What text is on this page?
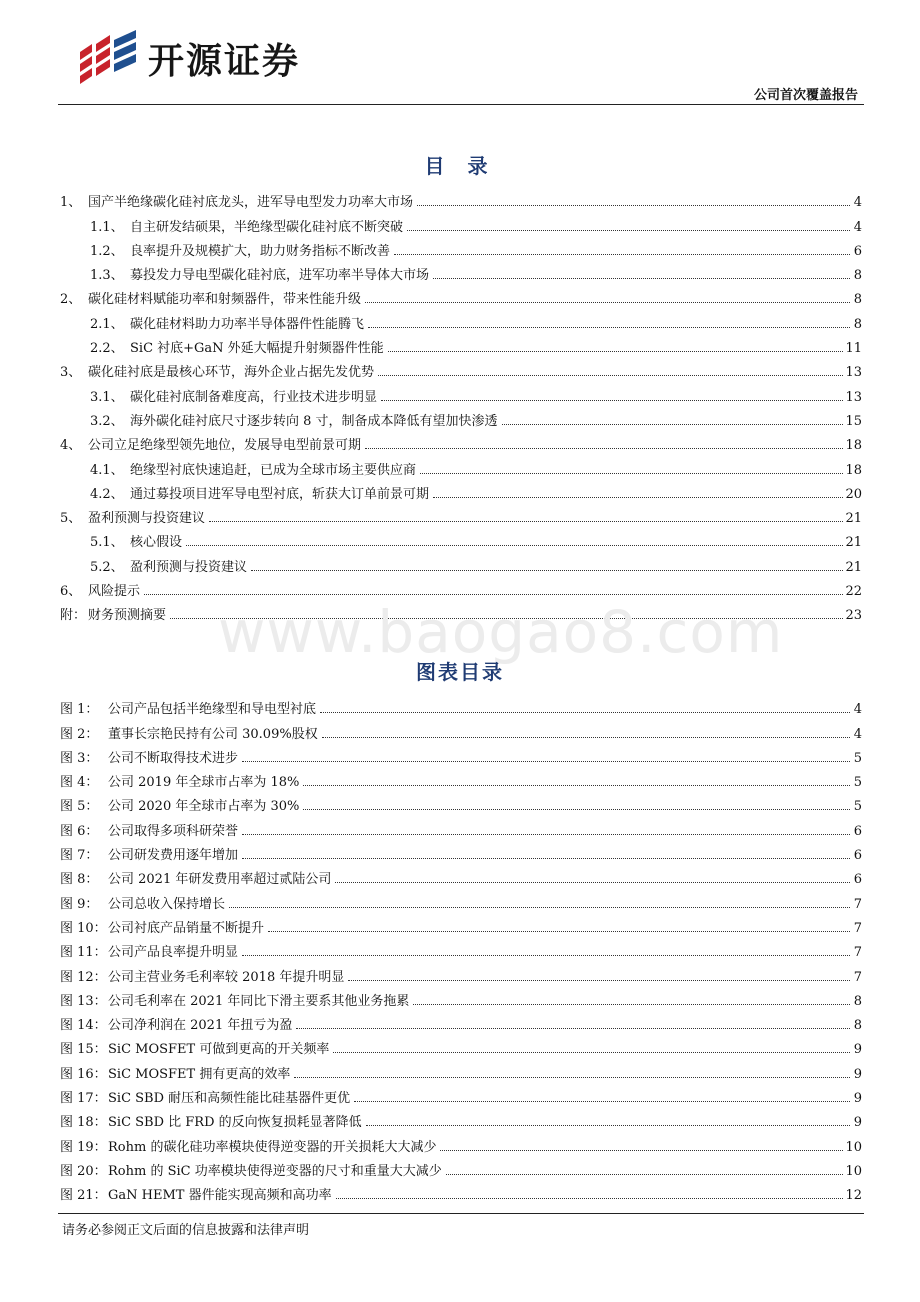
开源证券
公司首次覆盖报告
目 录
1、 国产半绝缘碳化硅衬底龙头，进军导电型发力功率大市场	4
1.1、 自主研发结硕果，半绝缘型碳化硅衬底不断突破	4
1.2、 良率提升及规模扩大，助力财务指标不断改善	6
1.3、 募投发力导电型碳化硅衬底，进军功率半导体大市场	8
2、 碳化硅材料赋能功率和射频器件，带来性能升级	8
2.1、 碳化硅材料助力功率半导体器件性能腾飞	8
2.2、 SiC 衬底+GaN 外延大幅提升射频器件性能	11
3、 碳化硅衬底是最核心环节，海外企业占据先发优势	13
3.1、 碳化硅衬底制备难度高，行业技术进步明显	13
3.2、 海外碳化硅衬底尺寸逐步转向 8 寸，制备成本降低有望加快渗透	15
4、 公司立足绝缘型领先地位，发展导电型前景可期	18
4.1、 绝缘型衬底快速追赶，已成为全球市场主要供应商	18
4.2、 通过募投项目进军导电型衬底，斩获大订单前景可期	20
5、 盈利预测与投资建议	21
5.1、 核心假设	21
5.2、 盈利预测与投资建议	21
6、 风险提示	22
附： 财务预测摘要	23
www.baogao8.com
图表目录
图 1： 公司产品包括半绝缘型和导电型衬底	4
图 2： 董事长宗艳民持有公司 30.09%股权	4
图 3： 公司不断取得技术进步	5
图 4： 公司 2019 年全球市占率为 18%	5
图 5： 公司 2020 年全球市占率为 30%	5
图 6： 公司取得多项科研荣誉	6
图 7： 公司研发费用逐年增加	6
图 8： 公司 2021 年研发费用率超过贰陆公司	6
图 9： 公司总收入保持增长	7
图 10： 公司衬底产品销量不断提升	7
图 11： 公司产品良率提升明显	7
图 12： 公司主营业务毛利率较 2018 年提升明显	7
图 13： 公司毛利率在 2021 年同比下滑主要系其他业务拖累	8
图 14： 公司净利润在 2021 年扭亏为盈	8
图 15： SiC MOSFET 可做到更高的开关频率	9
图 16： SiC MOSFET 拥有更高的效率	9
图 17： SiC SBD 耐压和高频性能比硅基器件更优	9
图 18： SiC SBD 比 FRD 的反向恢复损耗显著降低	9
图 19： Rohm 的碳化硅功率模块使得逆变器的开关损耗大大减少	10
图 20： Rohm 的 SiC 功率模块使得逆变器的尺寸和重量大大减少	10
图 21： GaN HEMT 器件能实现高频和高功率	12
请务必参阅正文后面的信息披露和法律声明
